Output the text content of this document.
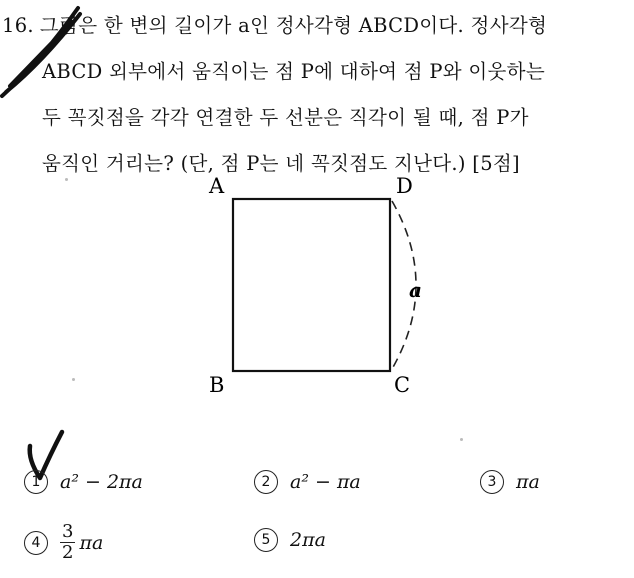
16. 그림은 한 변의 길이가 a인 정사각형 ABCD이다. 정사각형
ABCD 외부에서 움직이는 점 P에 대하여 점 P와 이웃하는
두 꼭짓점을 각각 연결한 두 선분은 직각이 될 때, 점 P가
움직인 거리는? (단, 점 P는 네 꼭짓점도 지난다.) [5점]
A	D
B	C
a
1	a² − 2πa	2	a² − πa	3	πa
4	$\frac{3}{2}$ πa	5	2πa
